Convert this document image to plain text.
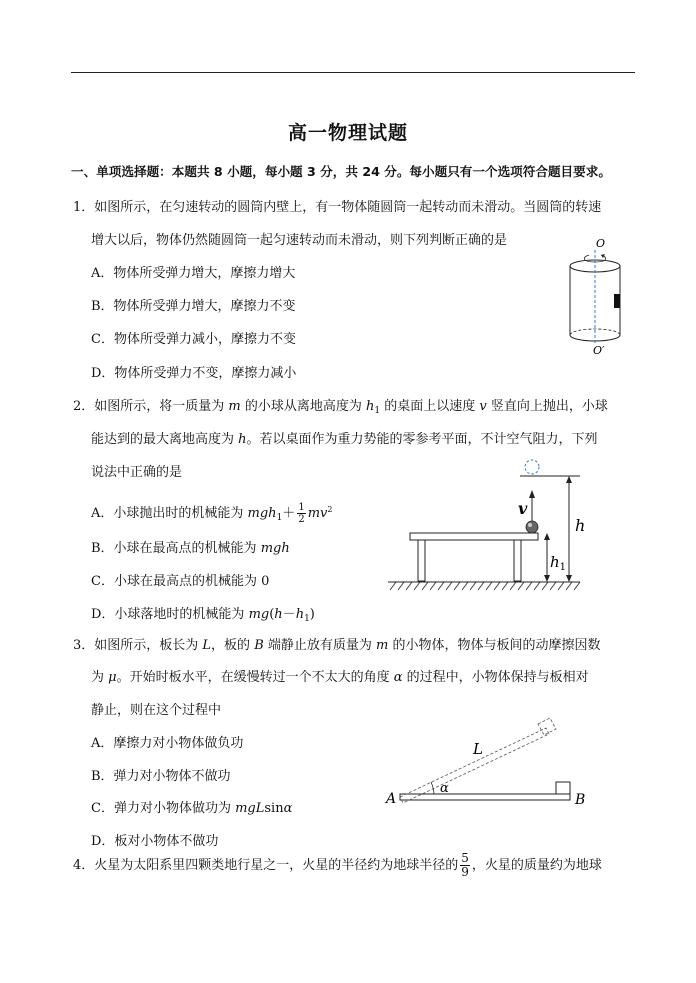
高一物理试题
一、单项选择题：本题共 8 小题，每小题 3 分，共 24 分。每小题只有一个选项符合题目要求。
1．如图所示，在匀速转动的圆筒内壁上，有一物体随圆筒一起转动而未滑动。当圆筒的转速
增大以后，物体仍然随圆筒一起匀速转动而未滑动，则下列判断正确的是
A．物体所受弹力增大，摩擦力增大
B．物体所受弹力增大，摩擦力不变
C．物体所受弹力减小，摩擦力不变
D．物体所受弹力不变，摩擦力减小
O
O′
2．如图所示，将一质量为 m 的小球从离地高度为 $h_1$ 的桌面上以速度 v 竖直向上抛出，小球
能达到的最大离地高度为 h。若以桌面作为重力势能的零参考平面，不计空气阻力，下列
说法中正确的是
A．小球抛出时的机械能为 $mgh_1+ \frac{1}{2} mv^2$
B．小球在最高点的机械能为 mgh
C．小球在最高点的机械能为 0
D．小球落地时的机械能为 $mg(h-h_1)$
v
h
$h_1$
3．如图所示，板长为 L，板的 B 端静止放有质量为 m 的小物体，物体与板间的动摩擦因数
为 μ。开始时板水平，在缓慢转过一个不太大的角度 α 的过程中，小物体保持与板相对
静止，则在这个过程中
A．摩擦力对小物体做负功
B．弹力对小物体不做功
C．弹力对小物体做功为 mgLsinα
D．板对小物体不做功
α
L
A	B
4．火星为太阳系里四颗类地行星之一，火星的半径约为地球半径的 $\frac{5}{9}$ ，火星的质量约为地球
